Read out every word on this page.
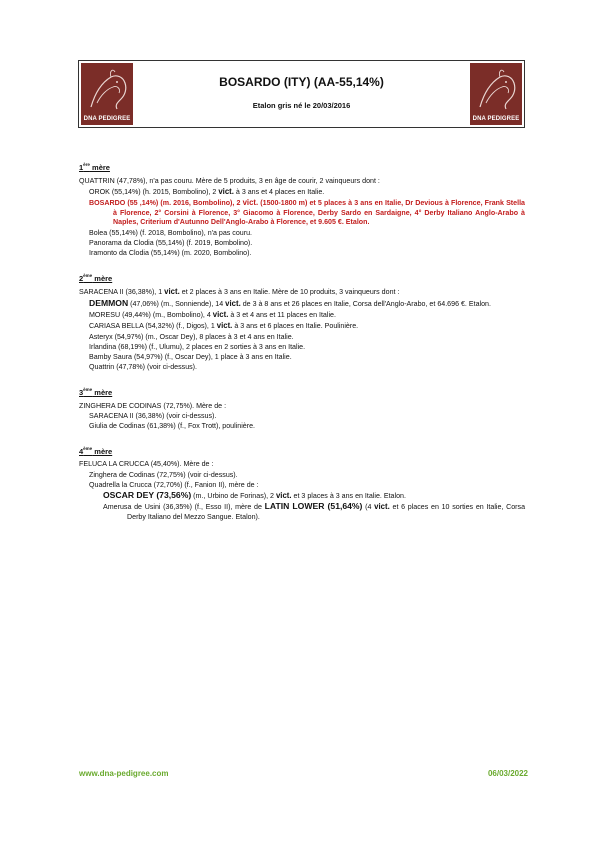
DNA PEDIGREE
BOSARDO (ITY) (AA-55,14%)
Etalon gris né le 20/03/2016
DNA PEDIGREE
1ère mère
QUATTRIN (47,78%), n'a pas couru. Mère de 5 produits, 3 en âge de courir, 2 vainqueurs dont :
OROK (55,14%) (h. 2015, Bombolino), 2 vict. à 3 ans et 4 places en Italie.
BOSARDO (55 ,14%) (m. 2016, Bombolino), 2 vict. (1500-1800 m) et 5 places à 3 ans en Italie, Dr Devious à Florence, Frank Stella à Florence, 2° Corsini à Florence, 3° Giacomo à Florence, Derby Sardo en Sardaigne, 4° Derby Italiano Anglo-Arabo à Naples, Criterium d'Autunno Dell'Anglo-Arabo à Florence, et 9.605 €. Etalon.
Bolea (55,14%) (f. 2018, Bombolino), n'a pas couru.
Panorama da Clodia (55,14%) (f. 2019, Bombolino).
Iramonto da Clodia (55,14%) (m. 2020, Bombolino).
2ème mère
SARACENA II (36,38%), 1 vict. et 2 places à 3 ans en Italie. Mère de 10 produits, 3 vainqueurs dont :
DEMMON (47,06%) (m., Sonniende), 14 vict. de 3 à 8 ans et 26 places en Italie, Corsa dell'Anglo-Arabo, et 64.696 €. Etalon.
MORESU (49,44%) (m., Bombolino), 4 vict. à 3 et 4 ans et 11 places en Italie.
CARIASA BELLA (54,32%) (f., Digos), 1 vict. à 3 ans et 6 places en Italie. Poulinière.
Asteryx (54,97%) (m., Oscar Dey), 8 places à 3 et 4 ans en Italie.
Irlandina (68,19%) (f., Ulumu), 2 places en 2 sorties à 3 ans en Italie.
Bamby Saura (54,97%) (f., Oscar Dey), 1 place à 3 ans en Italie.
Quattrin (47,78%) (voir ci-dessus).
3ème mère
ZINGHERA DE CODINAS (72,75%). Mère de :
SARACENA II (36,38%) (voir ci-dessus).
Giulia de Codinas (61,38%) (f., Fox Trott), poulinière.
4ème mère
FELUCA LA CRUCCA (45,40%). Mère de :
Zinghera de Codinas (72,75%) (voir ci-dessus).
Quadrella la Crucca (72,70%) (f., Fanion II), mère de :
OSCAR DEY (73,56%) (m., Urbino de Forinas), 2 vict. et 3 places à 3 ans en Italie. Etalon.
Amerusa de Usini (36,35%) (f., Esso II), mère de LATIN LOWER (51,64%) (4 vict. et 6 places en 10 sorties en Italie, Corsa Derby Italiano del Mezzo Sangue. Etalon).
www.dna-pedigree.com	06/03/2022
